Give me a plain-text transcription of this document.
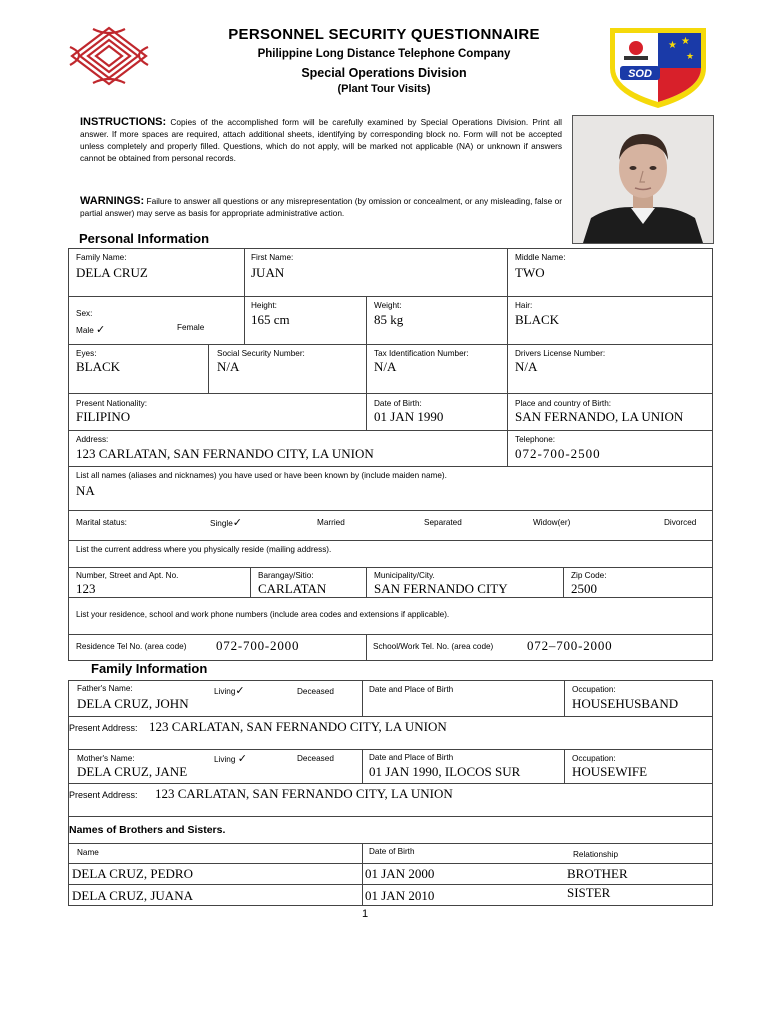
PERSONNEL SECURITY QUESTIONNAIRE
Philippine Long Distance Telephone Company
Special Operations Division
(Plant Tour Visits)
★ ★
★
SOD
INSTRUCTIONS: Copies of the accomplished form will be carefully examined by Special Operations Division. Print all answer. If more spaces are required, attach additional sheets, identifying by corresponding block no. Form will not be accepted unless completely and properly filled. Questions, which do not apply, will be marked not applicable (NA) or unknown if answers cannot be obtained from personal records.
WARNINGS: Failure to answer all questions or any misrepresentation (by omission or concealment, or any misleading, false or partial answer) may serve as basis for appropriate administrative action.
Personal Information
Family Name:
DELA CRUZ
First Name:
JUAN
Middle Name:
TWO
Sex:
Male ✓	Female
Height:
165 cm
Weight:
85 kg
Hair:
BLACK
Eyes:
BLACK
Social Security Number:
N/A
Tax Identification Number:
N/A
Drivers License Number:
N/A
Present Nationality:
FILIPINO
Date of Birth:
01 JAN 1990
Place and country of Birth:
SAN FERNANDO, LA UNION
Address:
123 CARLATAN, SAN FERNANDO CITY, LA UNION
Telephone:
072-700-2500
List all names (aliases and nicknames) you have used or have been known by (include maiden name).
NA
Marital status:	Single✓	Married	Separated	Widow(er)	Divorced
List the current address where you physically reside (mailing address).
Number, Street and Apt. No.
123
Barangay/Sitio:
CARLATAN
Municipality/City.
SAN FERNANDO CITY
Zip Code:
2500
List your residence, school and work phone numbers (include area codes and extensions if applicable).
Residence Tel No. (area code) 072-700-2000	School/Work Tel. No. (area code)	072–700-2000
Family Information
Father's Name:	Living✓	Deceased
DELA CRUZ, JOHN
Date and Place of Birth	Occupation:
HOUSEHUSBAND
Present Address: 123 CARLATAN, SAN FERNANDO CITY, LA UNION
Mother's Name:	Living ✓	Deceased
DELA CRUZ, JANE
Date and Place of Birth
01 JAN 1990, ILOCOS SUR
Occupation:
HOUSEWIFE
Present Address: 123 CARLATAN, SAN FERNANDO CITY, LA UNION
Names of Brothers and Sisters.
Name	Date of Birth	Relationship
DELA CRUZ, PEDRO	01 JAN 2000	BROTHER
DELA CRUZ, JUANA	01 JAN 2010	SISTER
1
